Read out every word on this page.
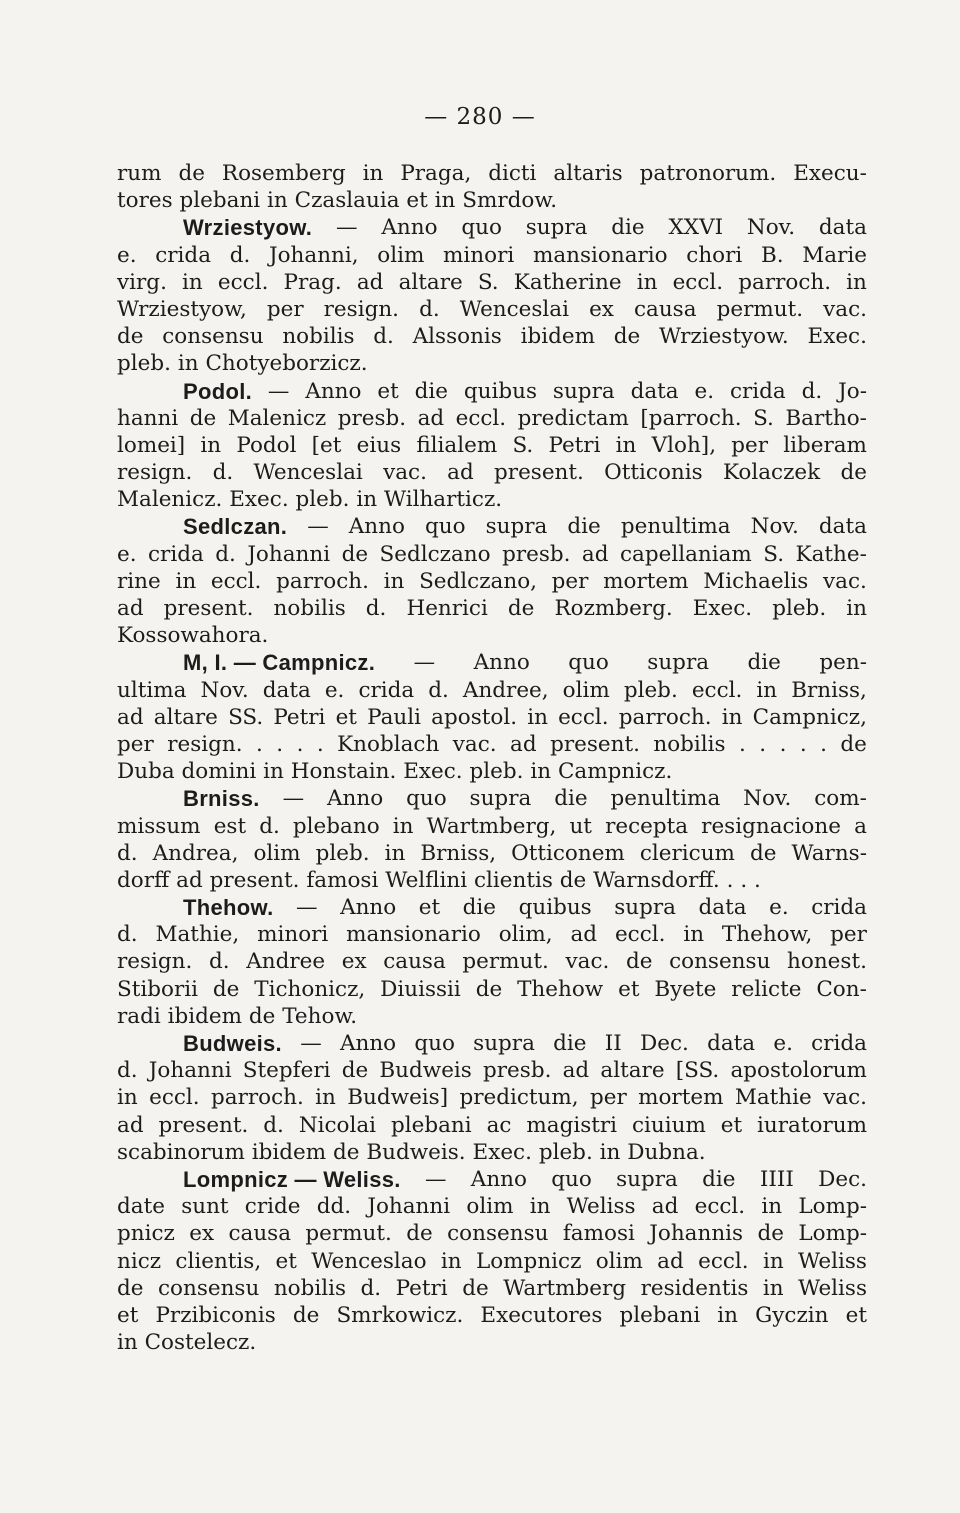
— 280 —
rum de Rosemberg in Praga, dicti altaris patronorum. Execu-
tores plebani in Czaslauia et in Smrdow.
Wrziestyow. — Anno quo supra die XXVI Nov. data
e. crida d. Johanni, olim minori mansionario chori B. Marie
virg. in eccl. Prag. ad altare S. Katherine in eccl. parroch. in
Wrziestyow, per resign. d. Wenceslai ex causa permut. vac.
de consensu nobilis d. Alssonis ibidem de Wrziestyow. Exec.
pleb. in Chotyeborzicz.
Podol. — Anno et die quibus supra data e. crida d. Jo-
hanni de Malenicz presb. ad eccl. predictam [parroch. S. Bartho-
lomei] in Podol [et eius filialem S. Petri in Vloh], per liberam
resign. d. Wenceslai vac. ad present. Otticonis Kolaczek de
Malenicz. Exec. pleb. in Wilharticz.
Sedlczan. — Anno quo supra die penultima Nov. data
e. crida d. Johanni de Sedlczano presb. ad capellaniam S. Kathe-
rine in eccl. parroch. in Sedlczano, per mortem Michaelis vac.
ad present. nobilis d. Henrici de Rozmberg. Exec. pleb. in
Kossowahora.
M, I. — Campnicz. — Anno quo supra die pen-
ultima Nov. data e. crida d. Andree, olim pleb. eccl. in Brniss,
ad altare SS. Petri et Pauli apostol. in eccl. parroch. in Campnicz,
per resign. . . . . Knoblach vac. ad present. nobilis . . . . . de
Duba domini in Honstain. Exec. pleb. in Campnicz.
Brniss. — Anno quo supra die penultima Nov. com-
missum est d. plebano in Wartmberg, ut recepta resignacione a
d. Andrea, olim pleb. in Brniss, Otticonem clericum de Warns-
dorff ad present. famosi Welflini clientis de Warnsdorff. . . .
Thehow. — Anno et die quibus supra data e. crida
d. Mathie, minori mansionario olim, ad eccl. in Thehow, per
resign. d. Andree ex causa permut. vac. de consensu honest.
Stiborii de Tichonicz, Diuissii de Thehow et Byete relicte Con-
radi ibidem de Tehow.
Budweis. — Anno quo supra die II Dec. data e. crida
d. Johanni Stepferi de Budweis presb. ad altare [SS. apostolorum
in eccl. parroch. in Budweis] predictum, per mortem Mathie vac.
ad present. d. Nicolai plebani ac magistri ciuium et iuratorum
scabinorum ibidem de Budweis. Exec. pleb. in Dubna.
Lompnicz — Weliss. — Anno quo supra die IIII Dec.
date sunt cride dd. Johanni olim in Weliss ad eccl. in Lomp-
pnicz ex causa permut. de consensu famosi Johannis de Lomp-
nicz clientis, et Wenceslao in Lompnicz olim ad eccl. in Weliss
de consensu nobilis d. Petri de Wartmberg residentis in Weliss
et Przibiconis de Smrkowicz. Executores plebani in Gyczin et
in Costelecz.
